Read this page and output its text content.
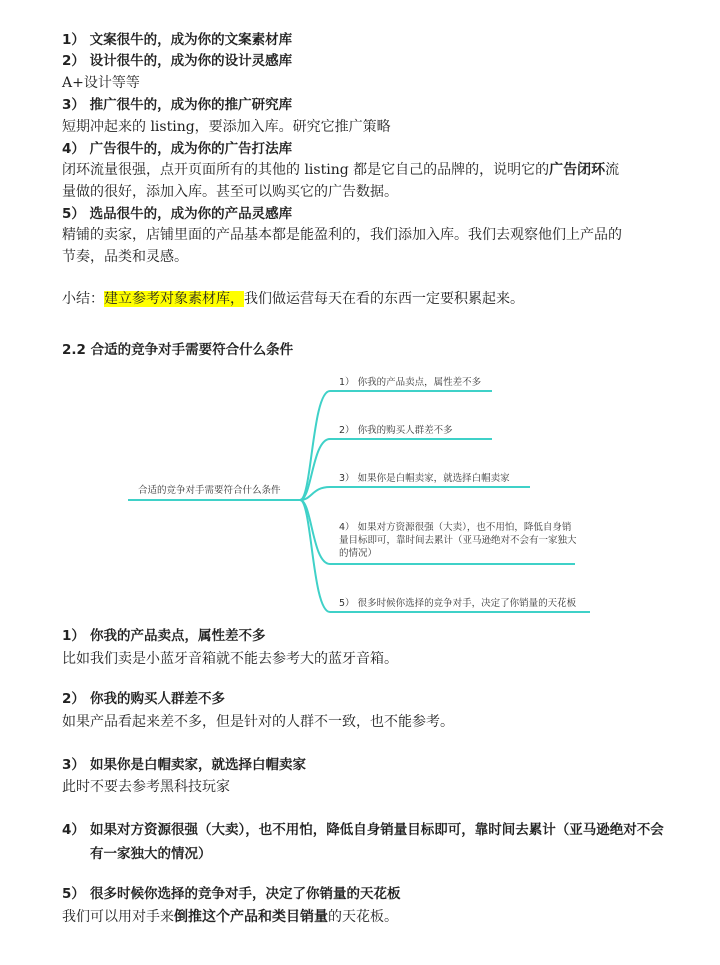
1） 文案很牛的，成为你的文案素材库
2） 设计很牛的，成为你的设计灵感库
A+设计等等
3） 推广很牛的，成为你的推广研究库
短期冲起来的 listing，要添加入库。研究它推广策略
4） 广告很牛的，成为你的广告打法库
闭环流量很强，点开页面所有的其他的 listing 都是它自己的品牌的，说明它的广告闭环流
量做的很好，添加入库。甚至可以购买它的广告数据。
5） 选品很牛的，成为你的产品灵感库
精铺的卖家，店铺里面的产品基本都是能盈利的，我们添加入库。我们去观察他们上产品的
节奏，品类和灵感。
小结：建立参考对象素材库，我们做运营每天在看的东西一定要积累起来。
2.2 合适的竞争对手需要符合什么条件
合适的竞争对手需要符合什么条件
1） 你我的产品卖点，属性差不多
2） 你我的购买人群差不多
3） 如果你是白帽卖家，就选择白帽卖家
4） 如果对方资源很强（大卖），也不用怕，降低自身销
量目标即可，靠时间去累计（亚马逊绝对不会有一家独大
的情况）
5） 很多时候你选择的竞争对手，决定了你销量的天花板
1） 你我的产品卖点，属性差不多
比如我们卖是小蓝牙音箱就不能去参考大的蓝牙音箱。
2） 你我的购买人群差不多
如果产品看起来差不多，但是针对的人群不一致，也不能参考。
3） 如果你是白帽卖家，就选择白帽卖家
此时不要去参考黑科技玩家
4） 如果对方资源很强（大卖），也不用怕，降低自身销量目标即可，靠时间去累计（亚马逊绝对不会有一家独大的情况）
5） 很多时候你选择的竞争对手，决定了你销量的天花板
我们可以用对手来倒推这个产品和类目销量的天花板。
